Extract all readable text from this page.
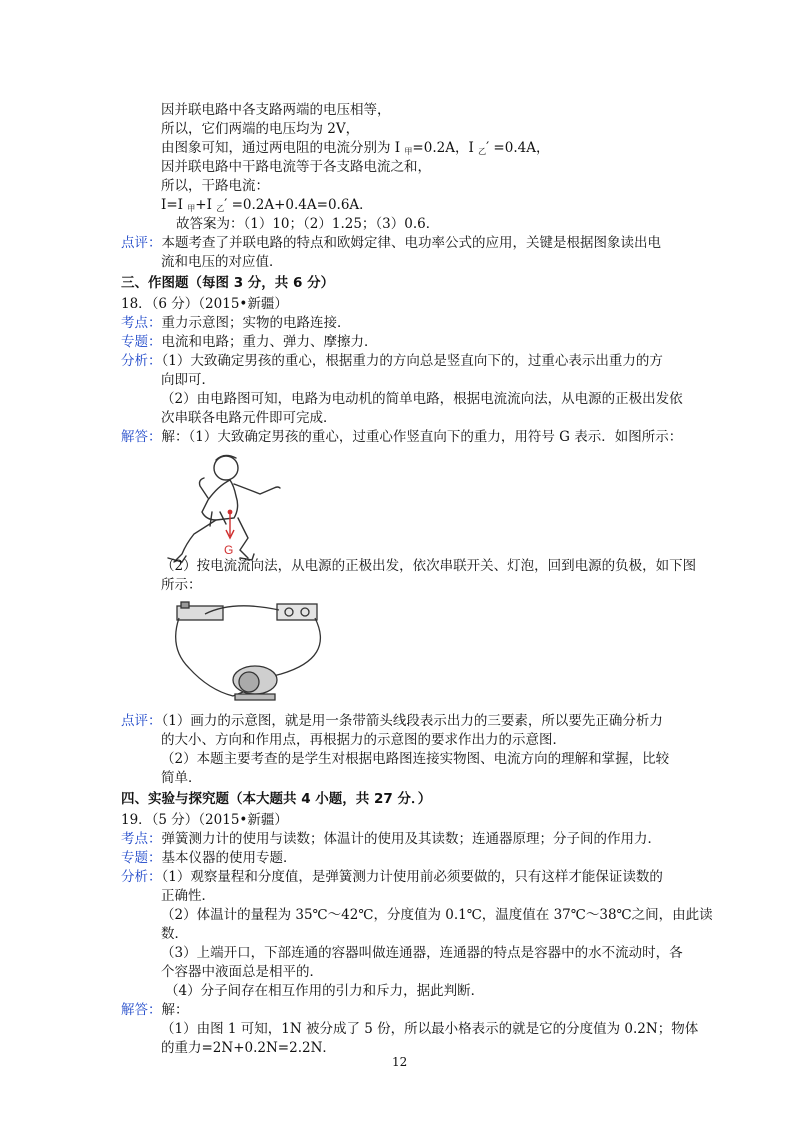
因并联电路中各支路两端的电压相等，
所以，它们两端的电压均为 2V，
由图象可知，通过两电阻的电流分别为 I $_甲$=0.2A，I $_乙$′ =0.4A，
因并联电路中干路电流等于各支路电流之和，
所以，干路电流：
I=I $_甲$+I $_乙$′ =0.2A+0.4A=0.6A．
故答案为：（1）10；（2）1.25；（3）0.6．
点评：本题考查了并联电路的特点和欧姆定律、电功率公式的应用，关键是根据图象读出电
流和电压的对应值．
三、作图题（每图 3 分，共 6 分）
18．（6 分）（2015•新疆）
考点：重力示意图；实物的电路连接．
专题：电流和电路；重力、弹力、摩擦力．
分析：（1）大致确定男孩的重心，根据重力的方向总是竖直向下的，过重心表示出重力的方
向即可．
（2）由电路图可知，电路为电动机的简单电路，根据电流流向法，从电源的正极出发依
次串联各电路元件即可完成．
解答：解：（1）大致确定男孩的重心，过重心作竖直向下的重力，用符号 G 表示．如图所示：
G
（2）按电流流向法，从电源的正极出发，依次串联开关、灯泡，回到电源的负极，如下图
所示：
点评：（1）画力的示意图，就是用一条带箭头线段表示出力的三要素，所以要先正确分析力
的大小、方向和作用点，再根据力的示意图的要求作出力的示意图．
（2）本题主要考查的是学生对根据电路图连接实物图、电流方向的理解和掌握，比较
简单．
四、实验与探究题（本大题共 4 小题，共 27 分．）
19．（5 分）（2015•新疆）
考点：弹簧测力计的使用与读数；体温计的使用及其读数；连通器原理；分子间的作用力．
专题：基本仪器的使用专题．
分析：（1）观察量程和分度值，是弹簧测力计使用前必须要做的，只有这样才能保证读数的
正确性．
（2）体温计的量程为 35℃～42℃，分度值为 0.1℃，温度值在 37℃～38℃之间，由此读
数．
（3）上端开口，下部连通的容器叫做连通器，连通器的特点是容器中的水不流动时，各
个容器中液面总是相平的．
（4）分子间存在相互作用的引力和斥力，据此判断．
解答：解：
（1）由图 1 可知，1N 被分成了 5 份，所以最小格表示的就是它的分度值为 0.2N；物体
的重力=2N+0.2N=2.2N．
12
